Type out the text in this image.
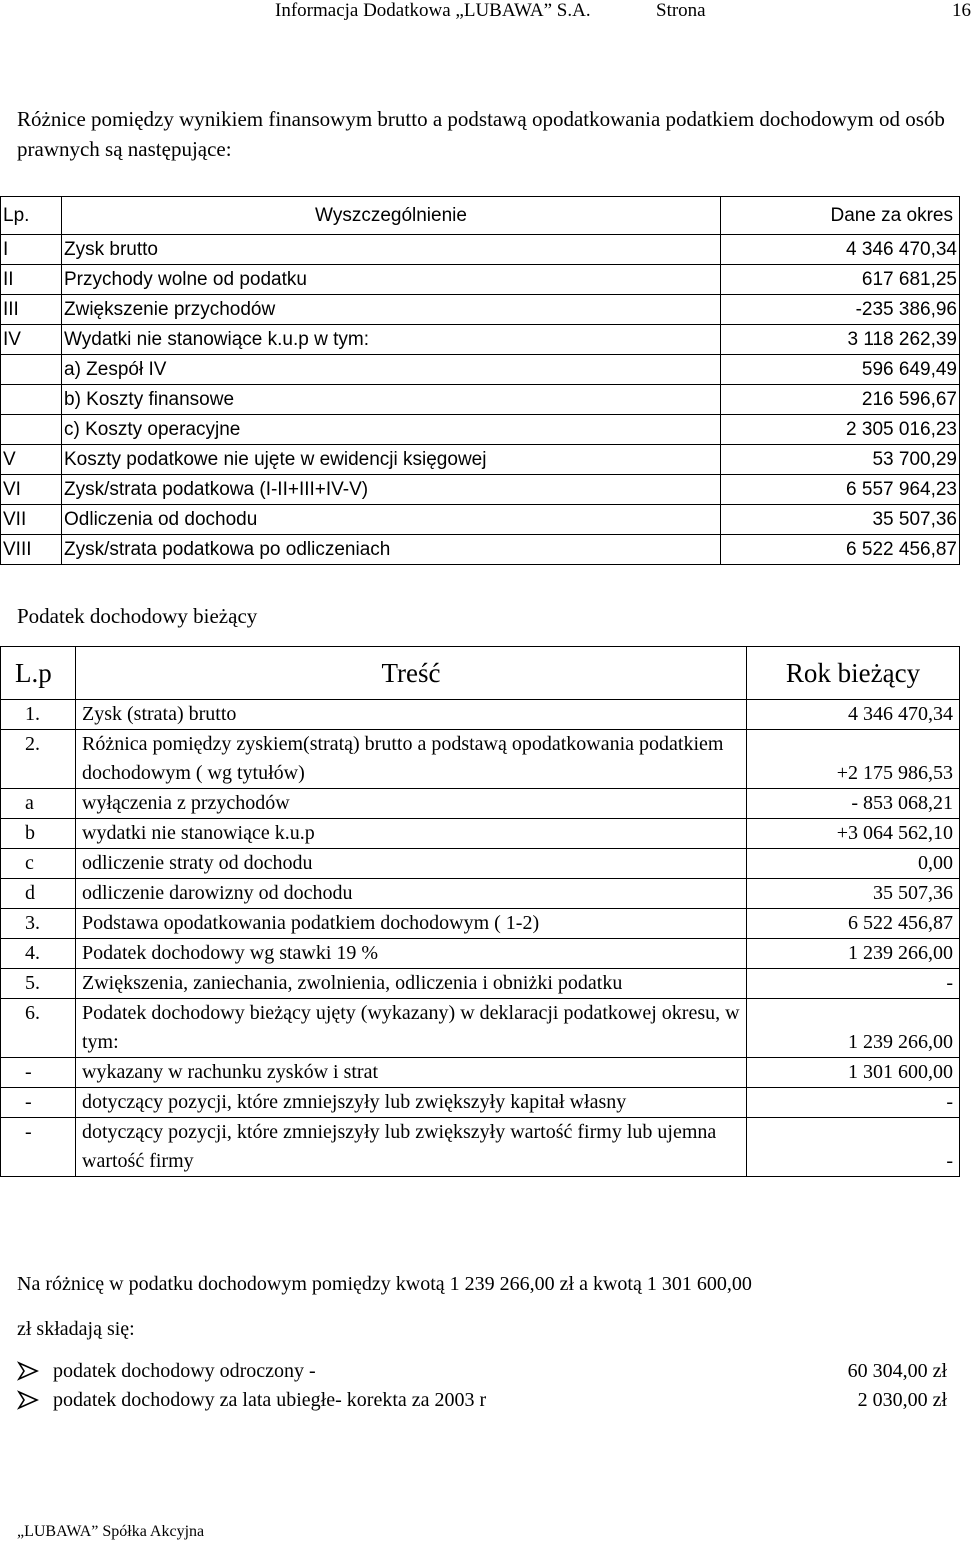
Informacja Dodatkowa „LUBAWA” S.A.	Strona	16
Różnice pomiędzy wynikiem finansowym brutto a podstawą opodatkowania podatkiem dochodowym od osób prawnych są następujące:
Lp.	Wyszczególnienie	Dane za okres
I	Zysk brutto	4 346 470,34
II	Przychody wolne od podatku	617 681,25
III	Zwiększenie przychodów	-235 386,96
IV	Wydatki nie stanowiące k.u.p w tym:	3 118 262,39
	a) Zespół IV	596 649,49
	b) Koszty finansowe	216 596,67
	c) Koszty operacyjne	2 305 016,23
V	Koszty podatkowe nie ujęte w ewidencji księgowej	53 700,29
VI	Zysk/strata podatkowa (I-II+III+IV-V)	6 557 964,23
VII	Odliczenia od dochodu	35 507,36
VIII	Zysk/strata podatkowa po odliczeniach	6 522 456,87
Podatek dochodowy bieżący
L.p	Treść	Rok bieżący
1.	Zysk (strata) brutto	4 346 470,34
2.	Różnica pomiędzy zyskiem(stratą) brutto a podstawą opodatkowania podatkiem dochodowym ( wg tytułów)	+2 175 986,53
a	wyłączenia z przychodów	- 853 068,21
b	wydatki nie stanowiące k.u.p	+3 064 562,10
c	odliczenie straty od dochodu	0,00
d	odliczenie darowizny od dochodu	35 507,36
3.	Podstawa opodatkowania podatkiem dochodowym ( 1-2)	6 522 456,87
4.	Podatek dochodowy wg stawki 19 %	1 239 266,00
5.	Zwiększenia, zaniechania, zwolnienia, odliczenia i obniżki podatku	-
6.	Podatek dochodowy bieżący ujęty (wykazany) w deklaracji podatkowej okresu, w tym:	1 239 266,00
-	wykazany w rachunku zysków i strat	1 301 600,00
-	dotyczący pozycji, które zmniejszyły lub zwiększyły kapitał własny	-
-	dotyczący pozycji, które zmniejszyły lub zwiększyły wartość firmy lub ujemna wartość firmy	-
Na różnicę w podatku dochodowym pomiędzy kwotą 1 239 266,00 zł a kwotą 1 301 600,00
zł składają się:
podatek dochodowy odroczony -	60 304,00 zł
podatek dochodowy za lata ubiegłe- korekta za 2003 r	2 030,00 zł
„LUBAWA” Spółka Akcyjna
